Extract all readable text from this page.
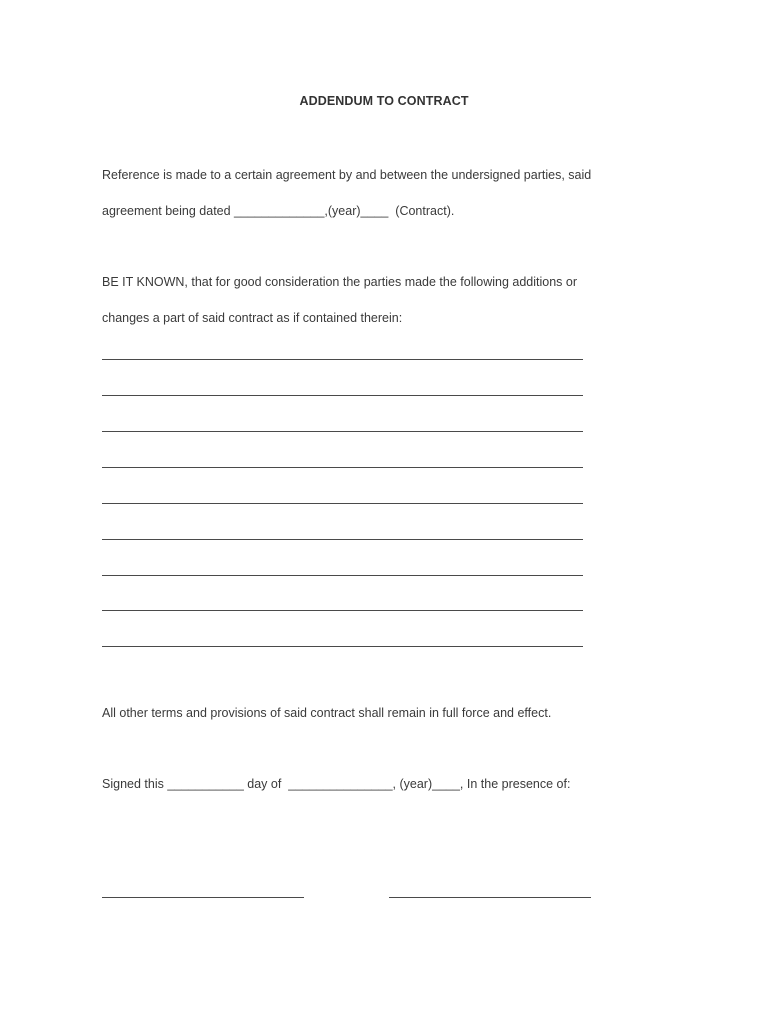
ADDENDUM TO CONTRACT
Reference is made to a certain agreement by and between the undersigned parties, said
agreement being dated _____________,(year)____  (Contract).
BE IT KNOWN, that for good consideration the parties made the following additions or
changes a part of said contract as if contained therein:
All other terms and provisions of said contract shall remain in full force and effect.
Signed this ___________ day of  _______________, (year)____, In the presence of:
